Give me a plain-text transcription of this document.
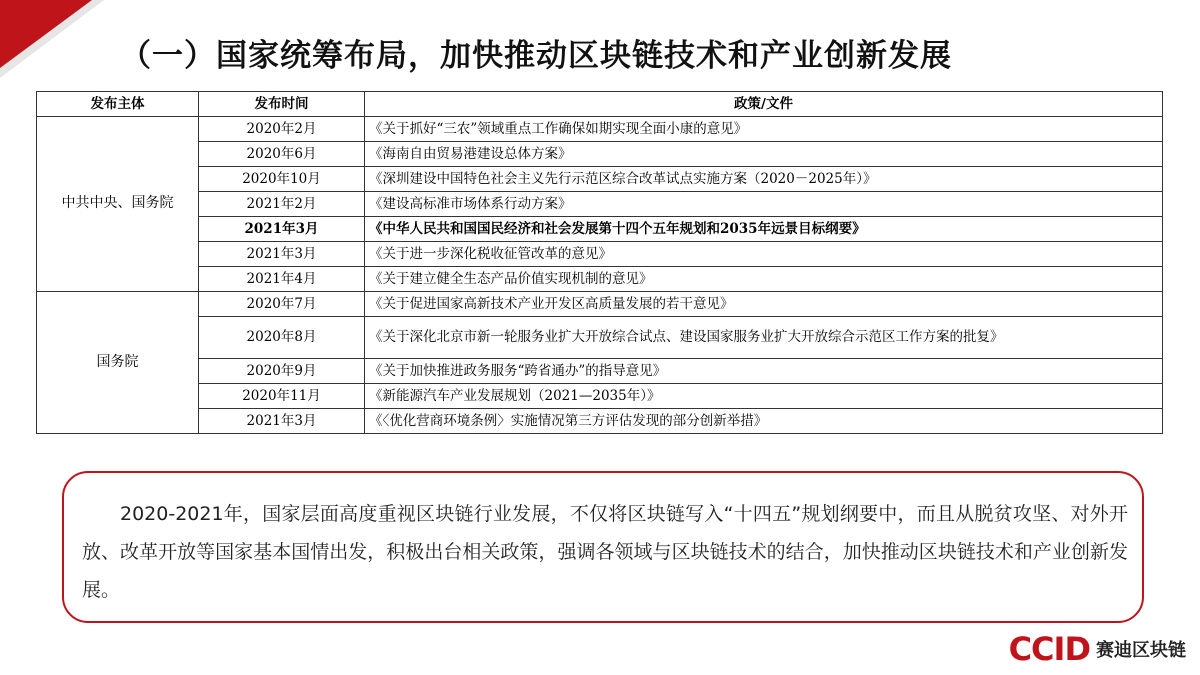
（一）国家统筹布局，加快推动区块链技术和产业创新发展
发布主体	发布时间	政策/文件
中共中央、国务院	2020年2月	《关于抓好“三农”领域重点工作确保如期实现全面小康的意见》
	2020年6月	《海南自由贸易港建设总体方案》
	2020年10月	《深圳建设中国特色社会主义先行示范区综合改革试点实施方案（2020－2025年）》
	2021年2月	《建设高标准市场体系行动方案》
	2021年3月	《中华人民共和国国民经济和社会发展第十四个五年规划和2035年远景目标纲要》
	2021年3月	《关于进一步深化税收征管改革的意见》
	2021年4月	《关于建立健全生态产品价值实现机制的意见》
国务院	2020年7月	《关于促进国家高新技术产业开发区高质量发展的若干意见》
	2020年8月	《关于深化北京市新一轮服务业扩大开放综合试点、建设国家服务业扩大开放综合示范区工作方案的批复》
	2020年9月	《关于加快推进政务服务“跨省通办”的指导意见》
	2020年11月	《新能源汽车产业发展规划（2021—2035年）》
	2021年3月	《〈优化营商环境条例〉实施情况第三方评估发现的部分创新举措》
2020-2021年，国家层面高度重视区块链行业发展，不仅将区块链写入“十四五”规划纲要中，而且从脱贫攻坚、对外开放、改革开放等国家基本国情出发，积极出台相关政策，强调各领域与区块链技术的结合，加快推动区块链技术和产业创新发展。
CCID 赛迪区块链
